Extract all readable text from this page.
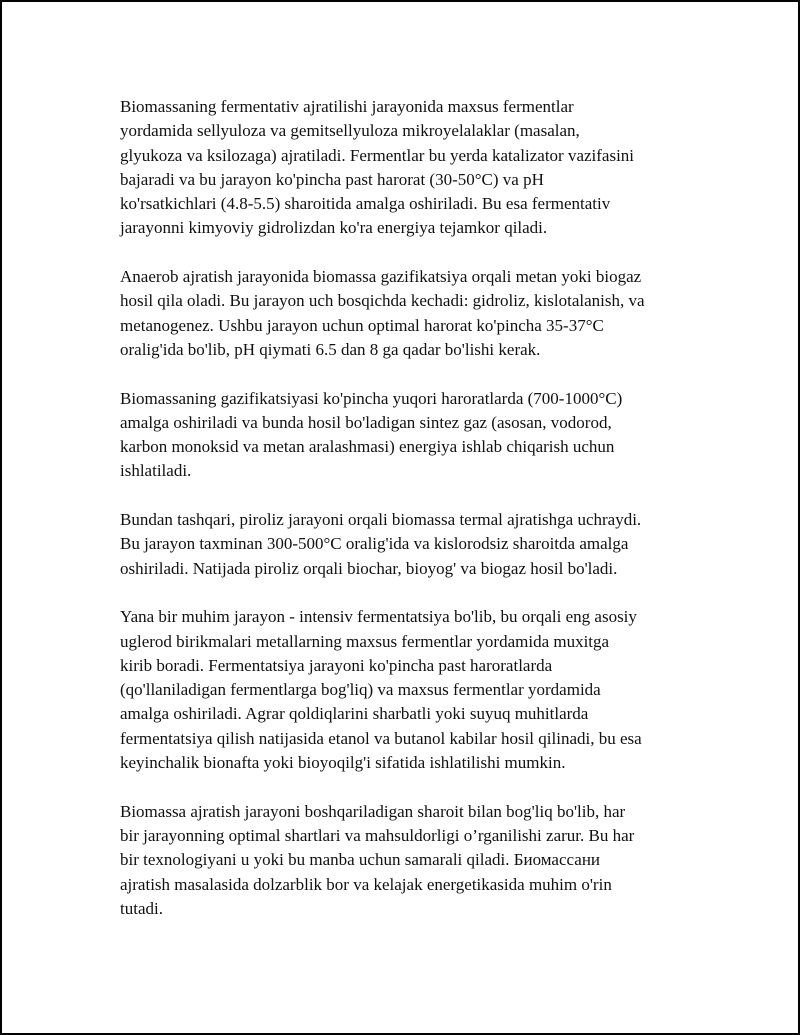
Biomassaning fermentativ ajratilishi jarayonida maxsus fermentlar
yordamida sellyuloza va gemitsellyuloza mikroyelalaklar (masalan,
glyukoza va ksilozaga) ajratiladi. Fermentlar bu yerda katalizator vazifasini
bajaradi va bu jarayon ko'pincha past harorat (30-50°C) va pH
ko'rsatkichlari (4.8-5.5) sharoitida amalga oshiriladi. Bu esa fermentativ
jarayonni kimyoviy gidrolizdan ko'ra energiya tejamkor qiladi.

Anaerob ajratish jarayonida biomassa gazifikatsiya orqali metan yoki biogaz
hosil qila oladi. Bu jarayon uch bosqichda kechadi: gidroliz, kislotalanish, va
metanogenez. Ushbu jarayon uchun optimal harorat ko'pincha 35-37°C
oralig'ida bo'lib, pH qiymati 6.5 dan 8 ga qadar bo'lishi kerak.

Biomassaning gazifikatsiyasi ko'pincha yuqori haroratlarda (700-1000°C)
amalga oshiriladi va bunda hosil bo'ladigan sintez gaz (asosan, vodorod,
karbon monoksid va metan aralashmasi) energiya ishlab chiqarish uchun
ishlatiladi.

Bundan tashqari, piroliz jarayoni orqali biomassa termal ajratishga uchraydi.
Bu jarayon taxminan 300-500°C oralig'ida va kislorodsiz sharoitda amalga
oshiriladi. Natijada piroliz orqali biochar, bioyog' va biogaz hosil bo'ladi.

Yana bir muhim jarayon - intensiv fermentatsiya bo'lib, bu orqali eng asosiy
uglerod birikmalari metallarning maxsus fermentlar yordamida muxitga
kirib boradi. Fermentatsiya jarayoni ko'pincha past haroratlarda
(qo'llaniladigan fermentlarga bog'liq) va maxsus fermentlar yordamida
amalga oshiriladi. Agrar qoldiqlarini sharbatli yoki suyuq muhitlarda
fermentatsiya qilish natijasida etanol va butanol kabilar hosil qilinadi, bu esa
keyinchalik bionafta yoki bioyoqilg'i sifatida ishlatilishi mumkin.

Biomassa ajratish jarayoni boshqariladigan sharoit bilan bog'liq bo'lib, har
bir jarayonning optimal shartlari va mahsuldorligi o’rganilishi zarur. Bu har
bir texnologiyani u yoki bu manba uchun samarali qiladi. Биомассани
ajratish masalasida dolzarblik bor va kelajak energetikasida muhim o'rin
tutadi.
